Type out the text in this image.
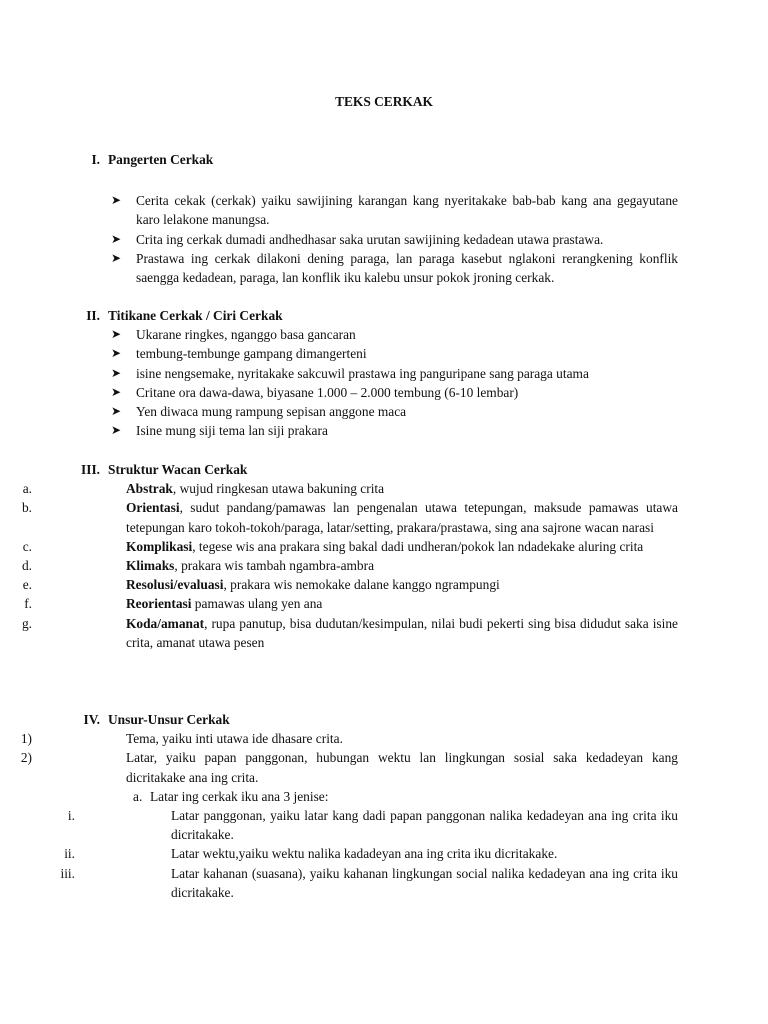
TEKS CERKAK
I. Pangerten Cerkak
➤ Cerita cekak (cerkak) yaiku sawijining karangan kang nyeritakake bab-bab kang ana gegayutane karo lelakone manungsa.
➤ Crita ing cerkak dumadi andhedhasar saka urutan sawijining kedadean utawa prastawa.
➤ Prastawa ing cerkak dilakoni dening paraga, lan paraga kasebut nglakoni rerangkening konflik saengga kedadean, paraga, lan konflik iku kalebu unsur pokok jroning cerkak.
II. Titikane Cerkak / Ciri Cerkak
➤ Ukarane ringkes, nganggo basa gancaran
➤ tembung-tembunge gampang dimangerteni
➤ isine nengsemake, nyritakake sakcuwil prastawa ing panguripane sang paraga utama
➤ Critane ora dawa-dawa, biyasane 1.000 – 2.000 tembung (6-10 lembar)
➤ Yen diwaca mung rampung sepisan anggone maca
➤ Isine mung siji tema lan siji prakara
III. Struktur Wacan Cerkak
a.	Abstrak, wujud ringkesan utawa bakuning crita
b.	Orientasi, sudut pandang/pamawas lan pengenalan utawa tetepungan, maksude pamawas utawa tetepungan karo tokoh-tokoh/paraga, latar/setting, prakara/prastawa, sing ana sajrone wacan narasi
c.	Komplikasi, tegese wis ana prakara sing bakal dadi undheran/pokok lan ndadekake aluring crita
d.	Klimaks, prakara wis tambah ngambra-ambra
e.	Resolusi/evaluasi, prakara wis nemokake dalane kanggo ngrampungi
f.	Reorientasi pamawas ulang yen ana
g.	Koda/amanat, rupa panutup, bisa dudutan/kesimpulan, nilai budi pekerti sing bisa didudut saka isine crita, amanat utawa pesen
IV. Unsur-Unsur Cerkak
1)	Tema, yaiku inti utawa ide dhasare crita.
2)	Latar, yaiku papan panggonan, hubungan wektu lan lingkungan sosial saka kedadeyan kang dicritakake ana ing crita.
a. Latar ing cerkak iku ana 3 jenise:
i.	Latar panggonan, yaiku latar kang dadi papan panggonan nalika kedadeyan ana ing crita iku dicritakake.
ii.	Latar wektu,yaiku wektu nalika kadadeyan ana ing crita iku dicritakake.
iii.	Latar kahanan (suasana), yaiku kahanan lingkungan social nalika kedadeyan ana ing crita iku dicritakake.
